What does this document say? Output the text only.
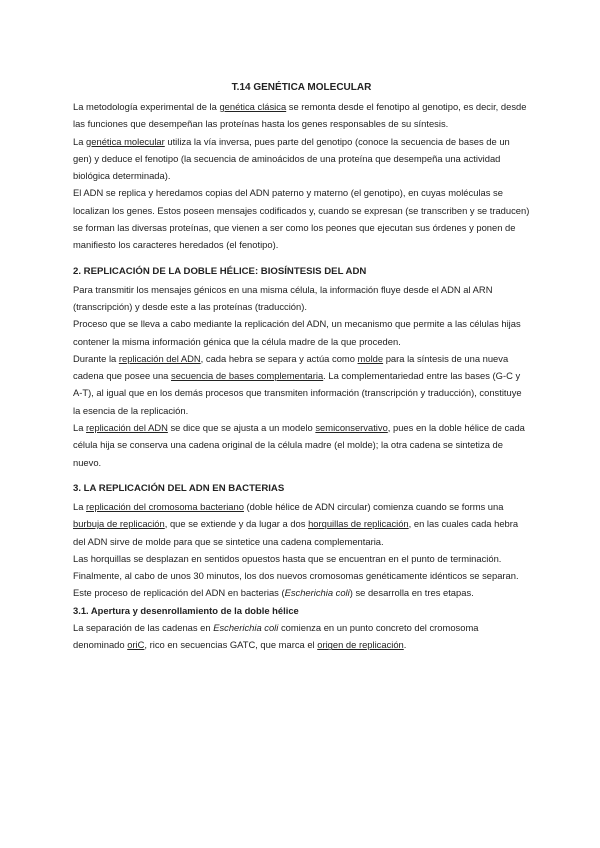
T.14 GENÉTICA MOLECULAR

La metodología experimental de la genética clásica se remonta desde el fenotipo al genotipo, es decir, desde las funciones que desempeñan las proteínas hasta los genes responsables de su síntesis.

La genética molecular utiliza la vía inversa, pues parte del genotipo (conoce la secuencia de bases de un gen) y deduce el fenotipo (la secuencia de aminoácidos de una proteína que desempeña una actividad biológica determinada).

El ADN se replica y heredamos copias del ADN paterno y materno (el genotipo), en cuyas moléculas se localizan los genes. Estos poseen mensajes codificados y, cuando se expresan (se transcriben y se traducen) se forman las diversas proteínas, que vienen a ser como los peones que ejecutan sus órdenes y ponen de manifiesto los caracteres heredados (el fenotipo).

2. REPLICACIÓN DE LA DOBLE HÉLICE: BIOSÍNTESIS DEL ADN

Para transmitir los mensajes génicos en una misma célula, la información fluye desde el ADN al ARN (transcripción) y desde este a las proteínas (traducción).

Proceso que se lleva a cabo mediante la replicación del ADN, un mecanismo que permite a las células hijas contener la misma información génica que la célula madre de la que proceden.

Durante la replicación del ADN, cada hebra se separa y actúa como molde para la síntesis de una nueva cadena que posee una secuencia de bases complementaria. La complementariedad entre las bases (G-C y A-T), al igual que en los demás procesos que transmiten información (transcripción y traducción), constituye la esencia de la replicación.

La replicación del ADN se dice que se ajusta a un modelo semiconservativo, pues en la doble hélice de cada célula hija se conserva una cadena original de la célula madre (el molde); la otra cadena se sintetiza de nuevo.

3. LA REPLICACIÓN DEL ADN EN BACTERIAS

La replicación del cromosoma bacteriano (doble hélice de ADN circular) comienza cuando se forms una burbuja de replicación, que se extiende y da lugar a dos horquillas de replicación, en las cuales cada hebra del ADN sirve de molde para que se sintetice una cadena complementaria.

Las horquillas se desplazan en sentidos opuestos hasta que se encuentran en el punto de terminación. Finalmente, al cabo de unos 30 minutos, los dos nuevos cromosomas genéticamente idénticos se separan.

Este proceso de replicación del ADN en bacterias (Escherichia coli) se desarrolla en tres etapas.

3.1. Apertura y desenrollamiento de la doble hélice

La separación de las cadenas en Escherichia coli comienza en un punto concreto del cromosoma denominado oriC, rico en secuencias GATC, que marca el origen de replicación.
